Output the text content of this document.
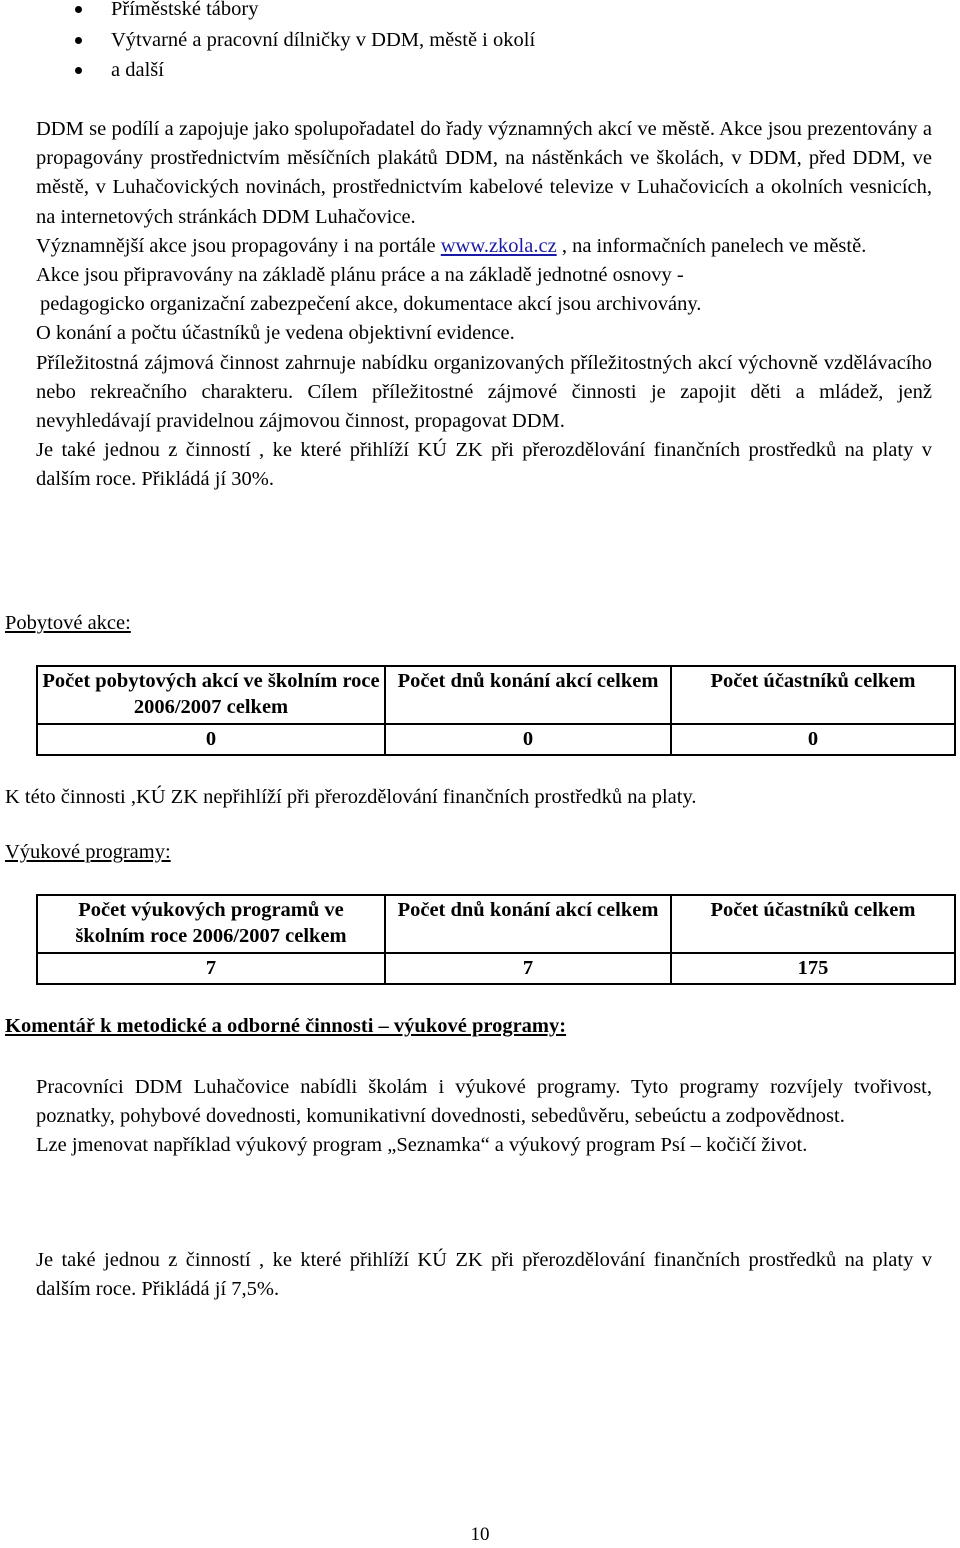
Příměstské tábory
Výtvarné a pracovní dílničky v DDM, městě i okolí
a další

DDM se podílí a zapojuje jako spolupořadatel do řady významných akcí ve městě. Akce jsou prezentovány a propagovány prostřednictvím měsíčních plakátů DDM, na nástěnkách ve školách, v DDM, před DDM, ve městě, v Luhačovických novinách, prostřednictvím kabelové televize v Luhačovicích a okolních vesnicích, na internetových stránkách DDM Luhačovice.

Významnější akce jsou propagovány i na portále www.zkola.cz , na informačních panelech ve městě.

Akce jsou připravovány na základě plánu práce a na základě jednotné osnovy -

pedagogicko organizační zabezpečení akce, dokumentace akcí jsou archivovány.

O konání a počtu účastníků je vedena objektivní evidence.

Příležitostná zájmová činnost zahrnuje nabídku organizovaných příležitostných akcí výchovně vzdělávacího nebo rekreačního charakteru. Cílem příležitostné zájmové činnosti je zapojit děti a mládež, jenž nevyhledávají pravidelnou zájmovou činnost, propagovat DDM.

Je také jednou z činností , ke které přihlíží KÚ ZK při přerozdělování finančních prostředků na platy v dalším roce. Přikládá jí 30%.

Pobytové akce:
Počet pobytových akcí ve školním roce 2006/2007 celkem	Počet dnů konání akcí celkem	Počet účastníků celkem
0	0	0
K této činnosti ,KÚ ZK nepřihlíží při přerozdělování finančních prostředků na platy.
Výukové programy:
Počet výukových programů ve školním roce 2006/2007 celkem	Počet dnů konání akcí celkem	Počet účastníků celkem
7	7	175
Komentář k metodické a odborné činnosti – výukové programy:

Pracovníci DDM Luhačovice nabídli školám i výukové programy. Tyto programy rozvíjely tvořivost, poznatky, pohybové dovednosti, komunikativní dovednosti, sebedůvěru, sebeúctu a zodpovědnost.

Lze jmenovat například výukový program „Seznamka“ a výukový program Psí – kočičí život.

Je také jednou z činností , ke které přihlíží KÚ ZK při přerozdělování finančních prostředků na platy v dalším roce. Přikládá jí 7,5%.

10
